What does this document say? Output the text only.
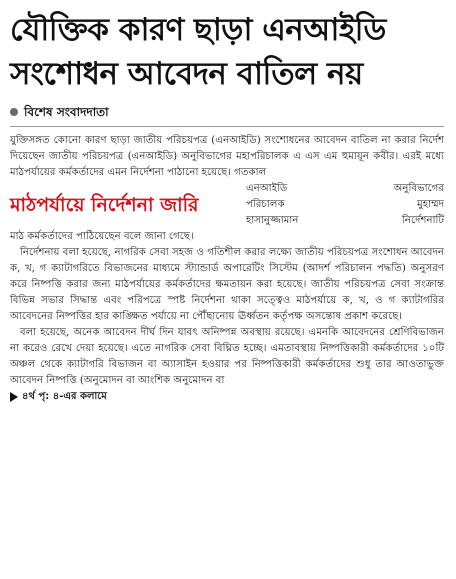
যৌক্তিক কারণ ছাড়া এনআইডি
সংশোধন আবেদন বাতিল নয়
বিশেষ সংবাদদাতা

যুক্তিসঙ্গত কোনো কারণ ছাড়া জাতীয় পরিচয়পত্র (এনআইডি) সংশোধনের আবেদন বাতিল না করার নির্দেশ দিয়েছেন জাতীয় পরিচয়পত্র (এনআইডি) অনুবিভাগের মহাপরিচালক এ এস এম হুমায়ূন কবীর। এরই মধ্যে মাঠপর্যায়ের কর্মকর্তাদের এমন নির্দেশনা পাঠানো হয়েছে। গতকাল

মাঠপর্যায়ে নির্দেশনা জারি
এনআইডি অনুবিভাগের
পরিচালক মুহাম্মদ
হাসানুজ্জামান নির্দেশনাটি

মাঠ কর্মকর্তাদের পাঠিয়েছেন বলে জানা গেছে।

নির্দেশনায় বলা হয়েছে, নাগরিক সেবা সহজ ও গতিশীল করার লক্ষ্যে জাতীয় পরিচয়পত্র সংশোধন আবেদন ক, খ, গ ক্যাটাগরিতে বিভাজনের মাধ্যমে স্ট্যান্ডার্ড অপারেটিং সিস্টেম (আদর্শ পরিচালন পদ্ধতি) অনুসরণ করে নিষ্পত্তি করার জন্য মাঠপর্যায়ের কর্মকর্তাদের ক্ষমতায়ন করা হয়েছে। জাতীয় পরিচয়পত্র সেবা সংক্রান্ত বিভিন্ন সভার সিদ্ধান্ত এবং পরিপত্রে স্পষ্ট নির্দেশনা থাকা সত্ত্বেও মাঠপর্যায়ে ক, খ, ও গ ক্যাটাগরির আবেদনের নিষ্পত্তির হার কাঙ্ক্ষিত পর্যায়ে না পৌঁছানোয় ঊর্ধ্বতন কর্তৃপক্ষ অসন্তোষ প্রকাশ করেছে।

বলা হয়েছে, অনেক আবেদন দীর্ঘ দিন যাবৎ অনিষ্পন্ন অবস্থায় রয়েছে। এমনকি আবেদনের শ্রেণিবিভাজন না করেও রেখে দেয়া হয়েছে। এতে নাগরিক সেবা বিঘ্নিত হচ্ছে। এমতাবস্থায় নিষ্পত্তিকারী কর্মকর্তাদের ১০টি অঞ্চল থেকে ক্যাটাগরি বিভাজন বা অ্যাসাইন হওয়ার পর নিষ্পত্তিকারী কর্মকর্তাদের শুধু তার আওতাভুক্ত আবেদন নিষ্পত্তি (অনুমোদন বা আংশিক অনুমোদন বা

৪র্থ পৃ: ৪-এর কলামে
